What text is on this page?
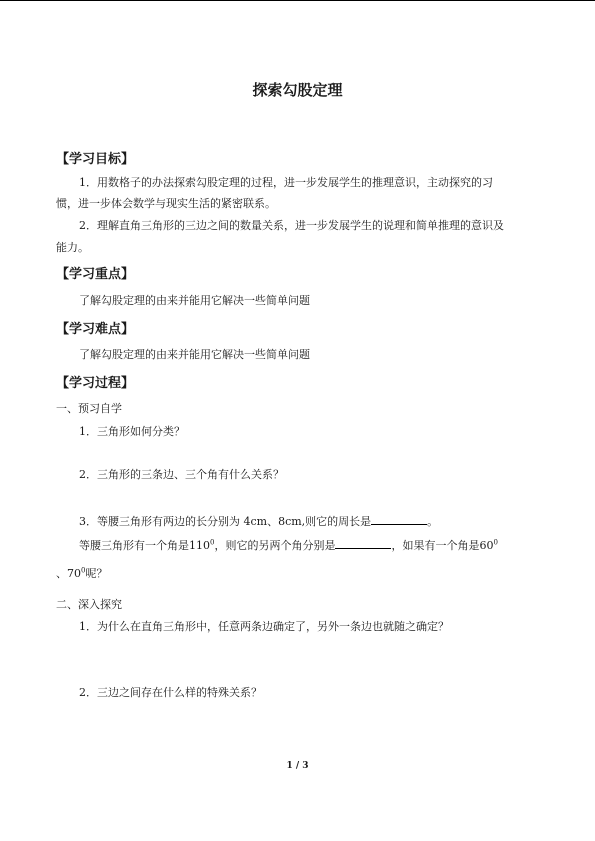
探索勾股定理
【学习目标】
1．用数格子的办法探索勾股定理的过程，进一步发展学生的推理意识，主动探究的习
惯，进一步体会数学与现实生活的紧密联系。
2．理解直角三角形的三边之间的数量关系，进一步发展学生的说理和简单推理的意识及
能力。
【学习重点】
了解勾股定理的由来并能用它解决一些简单问题
【学习难点】
了解勾股定理的由来并能用它解决一些简单问题
【学习过程】
一、预习自学
1．三角形如何分类？
2．三角形的三条边、三个角有什么关系？
3．等腰三角形有两边的长分别为 4cm、8cm,则它的周长是	。
等腰三角形有一个角是$110^0$，则它的另两个角分别是	，如果有一个角是$60^0$
、$70^0$呢？
二、深入探究
1．为什么在直角三角形中，任意两条边确定了，另外一条边也就随之确定？
2．三边之间存在什么样的特殊关系？
1 / 3
